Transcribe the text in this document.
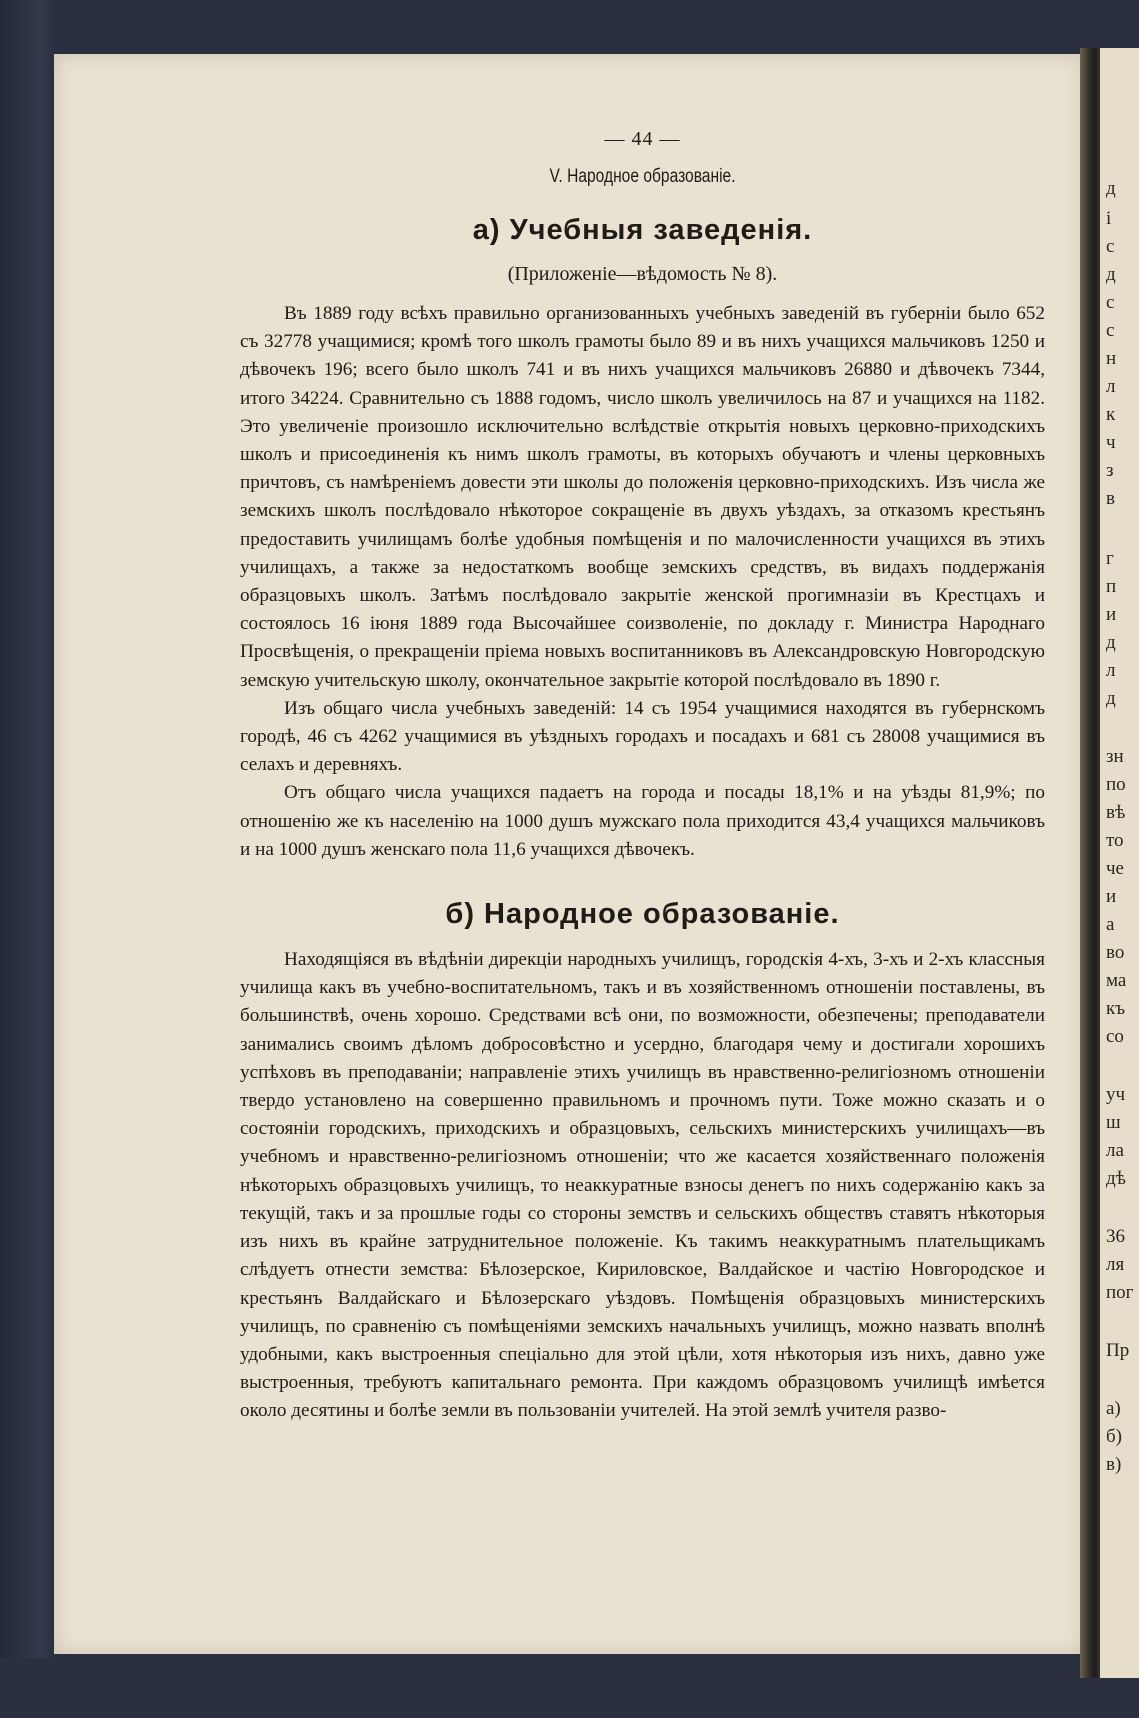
д
і
с
д
с
с
н
л
к
ч
з
в
г
п
и
д
л
д
зн
по
вѣ
то
че
и
а
во
ма
къ
со
уч
ш
ла
дѣ
36
ля
пог
Пр
а)
б)
в)

— 44 —

V. Народное образованіе.

а) Учебныя заведенія.

(Приложеніе—вѣдомость № 8).

Въ 1889 году всѣхъ правильно организованныхъ учебныхъ заведеній въ губерніи было 652 съ 32778 учащимися; кромѣ того школъ грамоты было 89 и въ нихъ учащихся мальчиковъ 1250 и дѣвочекъ 196; всего было школъ 741 и въ нихъ учащихся мальчиковъ 26880 и дѣвочекъ 7344, итого 34224. Сравнительно съ 1888 годомъ, число школъ увеличилось на 87 и учащихся на 1182. Это увеличеніе произошло исключительно вслѣдствіе открытія новыхъ церковно-приходскихъ школъ и присоединенія къ нимъ школъ грамоты, въ которыхъ обучаютъ и члены церковныхъ причтовъ, съ намѣреніемъ довести эти школы до положенія церковно-приходскихъ. Изъ числа же земскихъ школъ послѣдовало нѣкоторое сокращеніе въ двухъ уѣздахъ, за отказомъ крестьянъ предоставить училищамъ болѣе удобныя помѣщенія и по малочисленности учащихся въ этихъ училищахъ, а также за недостаткомъ вообще земскихъ средствъ, въ видахъ поддержанія образцовыхъ школъ. Затѣмъ послѣдовало закрытіе женской прогимназіи въ Крестцахъ и состоялось 16 іюня 1889 года Высочайшее соизволеніе, по докладу г. Министра Народнаго Просвѣщенія, о прекращеніи пріема новыхъ воспитанниковъ въ Александровскую Новгородскую земскую учительскую школу, окончательное закрытіе которой послѣдовало въ 1890 г.

Изъ общаго числа учебныхъ заведеній: 14 съ 1954 учащимися находятся въ губернскомъ городѣ, 46 съ 4262 учащимися въ уѣздныхъ городахъ и посадахъ и 681 съ 28008 учащимися въ селахъ и деревняхъ.

Отъ общаго числа учащихся падаетъ на города и посады 18,1% и на уѣзды 81,9%; по отношенію же къ населенію на 1000 душъ мужскаго пола приходится 43,4 учащихся мальчиковъ и на 1000 душъ женскаго пола 11,6 учащихся дѣвочекъ.

б) Народное образованіе.

Находящіяся въ вѣдѣніи дирекціи народныхъ училищъ, городскія 4-хъ, 3-хъ и 2-хъ классныя училища какъ въ учебно-воспитательномъ, такъ и въ хозяйственномъ отношеніи поставлены, въ большинствѣ, очень хорошо. Средствами всѣ они, по возможности, обезпечены; преподаватели занимались своимъ дѣломъ добросовѣстно и усердно, благодаря чему и достигали хорошихъ успѣховъ въ преподаваніи; направленіе этихъ училищъ въ нравственно-религіозномъ отношеніи твердо установлено на совершенно правильномъ и прочномъ пути. Тоже можно сказать и о состояніи городскихъ, приходскихъ и образцовыхъ, сельскихъ министерскихъ училищахъ—въ учебномъ и нравственно-религіозномъ отношеніи; что же касается хозяйственнаго положенія нѣкоторыхъ образцовыхъ училищъ, то неаккуратные взносы денегъ по нихъ содержанію какъ за текущій, такъ и за прошлые годы со стороны земствъ и сельскихъ обществъ ставятъ нѣкоторыя изъ нихъ въ крайне затруднительное положеніе. Къ такимъ неаккуратнымъ плательщикамъ слѣдуетъ отнести земства: Бѣлозерское, Кириловское, Валдайское и частію Новгородское и крестьянъ Валдайскаго и Бѣлозерскаго уѣздовъ. Помѣщенія образцовыхъ министерскихъ училищъ, по сравненію съ помѣщеніями земскихъ начальныхъ училищъ, можно назвать вполнѣ удобными, какъ выстроенныя спеціально для этой цѣли, хотя нѣкоторыя изъ нихъ, давно уже выстроенныя, требуютъ капитальнаго ремонта. При каждомъ образцовомъ училищѣ имѣется около десятины и болѣе земли въ пользованіи учителей. На этой землѣ учителя разво-
